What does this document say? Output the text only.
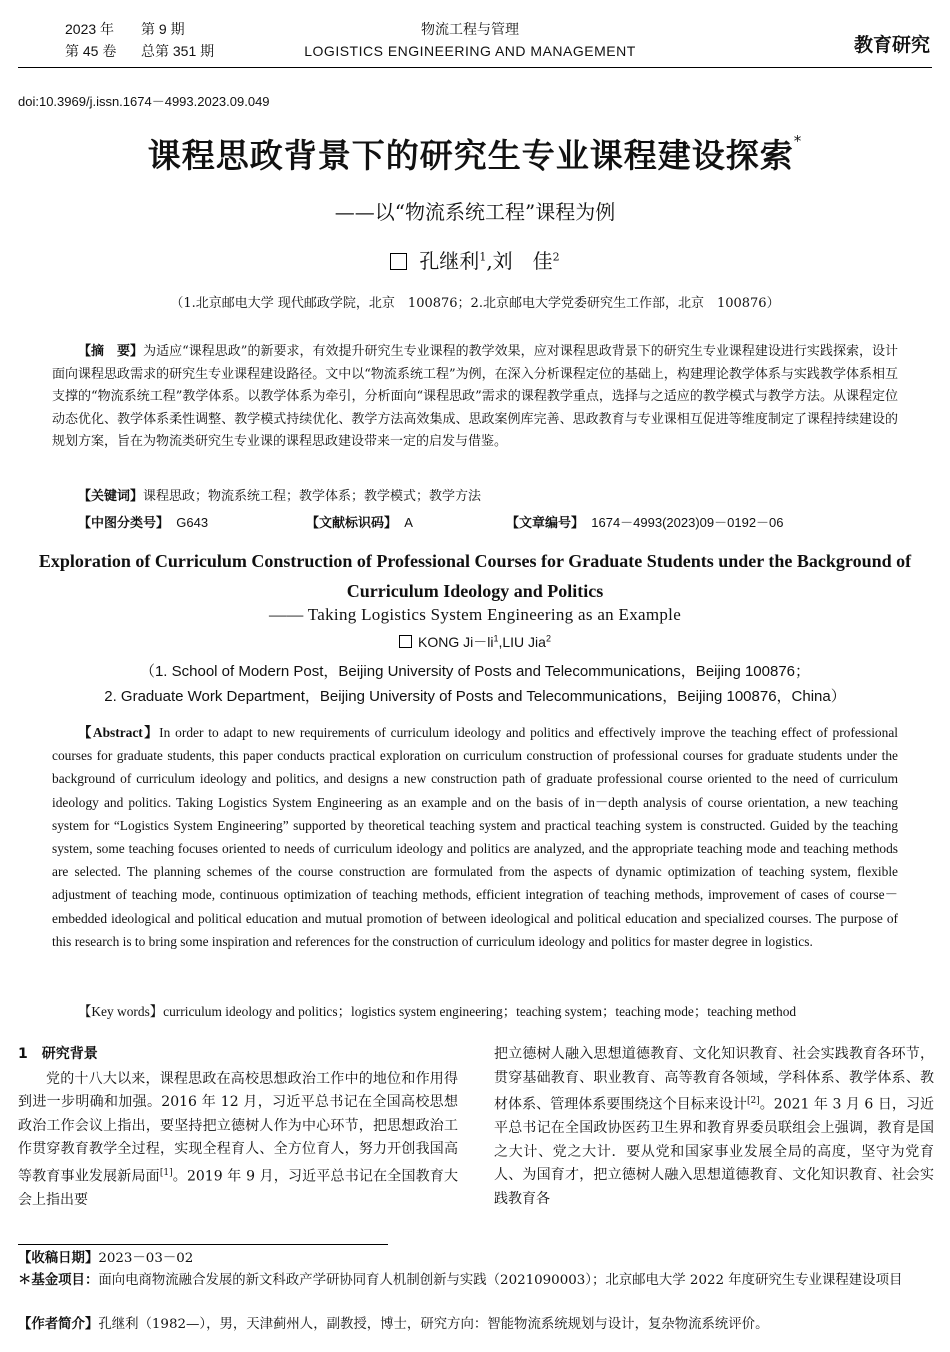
2023 年 第 9 期
第 45 卷 总第 351 期
物流工程与管理
LOGISTICS ENGINEERING AND MANAGEMENT	教育研究
doi:10.3969/j.issn.1674－4993.2023.09.049
课程思政背景下的研究生专业课程建设探索*
——以“物流系统工程”课程为例
孔继利$^1$,刘　佳$^2$
（1.北京邮电大学 现代邮政学院，北京　100876；2.北京邮电大学党委研究生工作部，北京　100876）
【摘　要】为适应“课程思政”的新要求，有效提升研究生专业课程的教学效果，应对课程思政背景下的研究生专业课程建设进行实践探索，设计面向课程思政需求的研究生专业课程建设路径。文中以“物流系统工程”为例，在深入分析课程定位的基础上，构建理论教学体系与实践教学体系相互支撑的“物流系统工程”教学体系。以教学体系为牵引，分析面向“课程思政”需求的课程教学重点，选择与之适应的教学模式与教学方法。从课程定位动态优化、教学体系柔性调整、教学模式持续优化、教学方法高效集成、思政案例库完善、思政教育与专业课相互促进等维度制定了课程持续建设的规划方案，旨在为物流类研究生专业课的课程思政建设带来一定的启发与借鉴。
【关键词】课程思政；物流系统工程；教学体系；教学模式；教学方法
【中图分类号】 G643	【文献标识码】 A	【文章编号】 1674－4993(2023)09－0192－06
Exploration of Curriculum Construction of Professional Courses for Graduate Students under the Background of Curriculum Ideology and Politics
—— Taking Logistics System Engineering as an Example
KONG $Ji-li^1,LIU$ Jia$^2$
（1. School of Modern Post，Beijing University of Posts and Telecommunications，Beijing 100876；
2. Graduate Work Department，Beijing University of Posts and Telecommunications，Beijing 100876，China）
【Abstract】In order to adapt to new requirements of curriculum ideology and politics and effectively improve the teaching effect of professional courses for graduate students, this paper conducts practical exploration on curriculum construction of professional courses for graduate students under the background of curriculum ideology and politics, and designs a new construction path of graduate professional course oriented to the need of curriculum ideology and politics. Taking Logistics System Engineering as an example and on the basis of in－depth analysis of course orientation, a new teaching system for “Logistics System Engineering” supported by theoretical teaching system and practical teaching system is constructed. Guided by the teaching system, some teaching focuses oriented to needs of curriculum ideology and politics are analyzed, and the appropriate teaching mode and teaching methods are selected. The planning schemes of the course construction are formulated from the aspects of dynamic optimization of teaching system, flexible adjustment of teaching mode, continuous optimization of teaching methods, efficient integration of teaching methods, improvement of cases of course－embedded ideological and political education and mutual promotion of between ideological and political education and specialized courses. The purpose of this research is to bring some inspiration and references for the construction of curriculum ideology and politics for master degree in logistics.
【Key words】curriculum ideology and politics；logistics system engineering；teaching system；teaching mode；teaching method
1　研究背景

党的十八大以来，课程思政在高校思想政治工作中的地位和作用得到进一步明确和加强。2016 年 12 月，习近平总书记在全国高校思想政治工作会议上指出，要坚持把立德树人作为中心环节，把思想政治工作贯穿教育教学全过程，实现全程育人、全方位育人，努力开创我国高等教育事业发展新局面[1]。2019 年 9 月，习近平总书记在全国教育大会上指出要

把立德树人融入思想道德教育、文化知识教育、社会实践教育各环节，贯穿基础教育、职业教育、高等教育各领域，学科体系、教学体系、教材体系、管理体系要围绕这个目标来设计[2]。2021 年 3 月 6 日，习近平总书记在全国政协医药卫生界和教育界委员联组会上强调，教育是国之大计、党之大计．要从党和国家事业发展全局的高度，坚守为党育人、为国育才，把立德树人融入思想道德教育、文化知识教育、社会实践教育各

【收稿日期】2023－03－02
＊基金项目：面向电商物流融合发展的新文科政产学研协同育人机制创新与实践（2021090003）；北京邮电大学 2022 年度研究生专业课程建设项目
【作者简介】孔继利（1982—），男，天津蓟州人，副教授，博士，研究方向：智能物流系统规划与设计，复杂物流系统评价。
